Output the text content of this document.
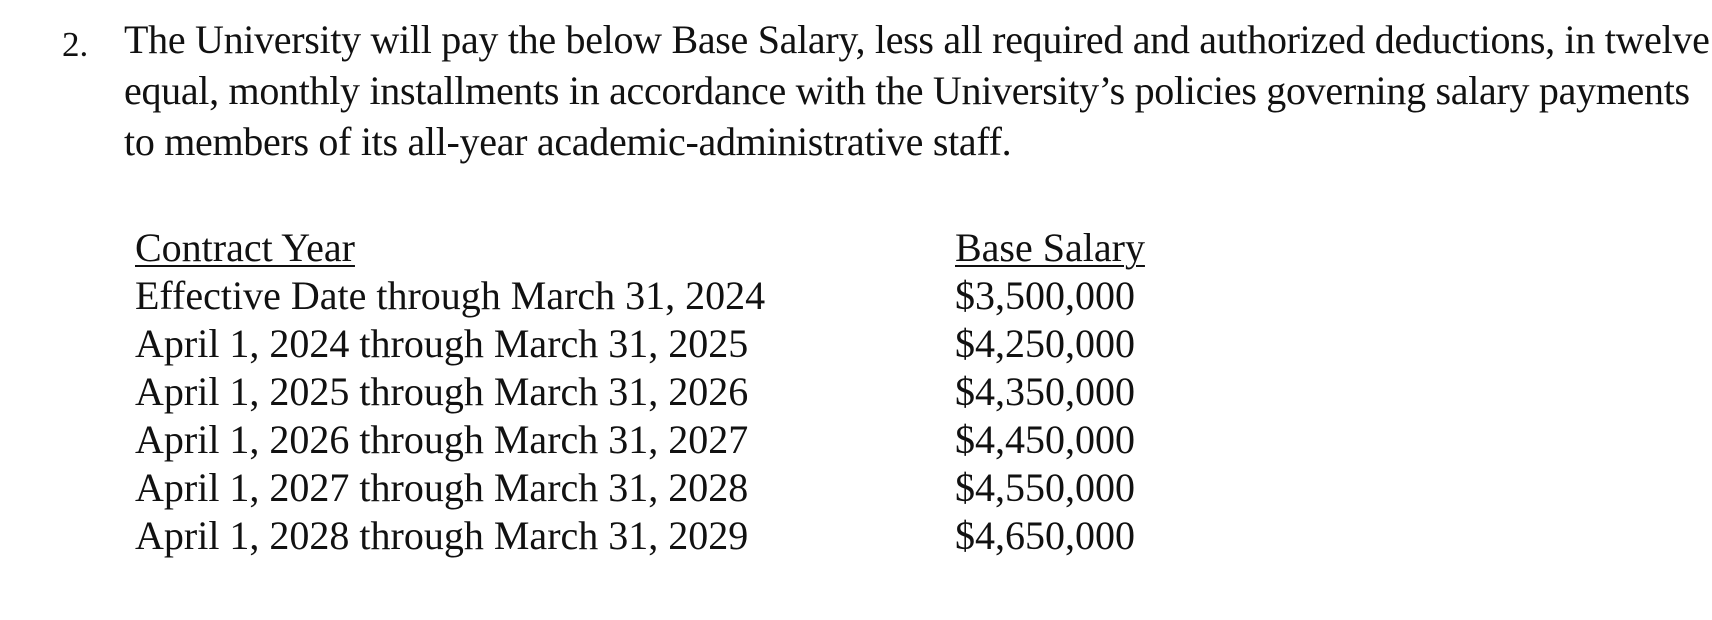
2. The University will pay the below Base Salary, less all required and authorized deductions, in twelve equal, monthly installments in accordance with the University’s policies governing salary payments to members of its all-year academic-administrative staff.
Contract Year	Base Salary
Effective Date through March 31, 2024	$3,500,000
April 1, 2024 through March 31, 2025	$4,250,000
April 1, 2025 through March 31, 2026	$4,350,000
April 1, 2026 through March 31, 2027	$4,450,000
April 1, 2027 through March 31, 2028	$4,550,000
April 1, 2028 through March 31, 2029	$4,650,000
